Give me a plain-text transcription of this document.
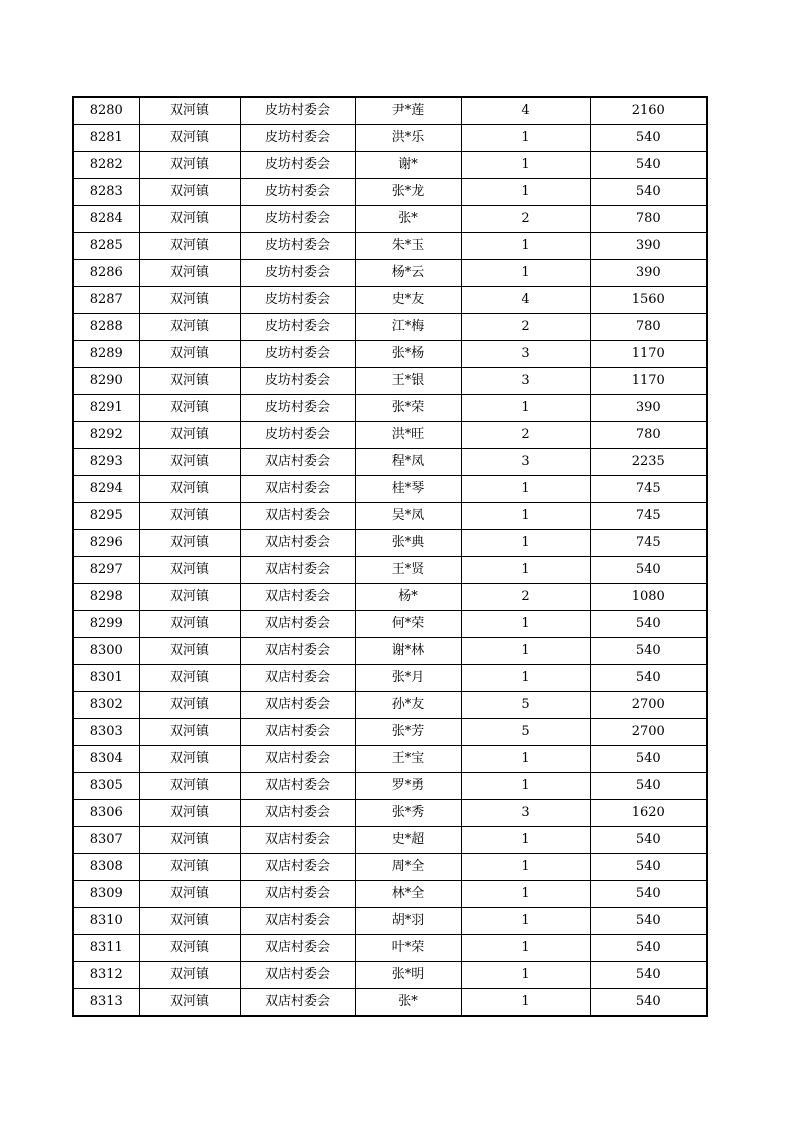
8280	双河镇	皮坊村委会	尹*莲	4	2160
8281	双河镇	皮坊村委会	洪*乐	1	540
8282	双河镇	皮坊村委会	谢*	1	540
8283	双河镇	皮坊村委会	张*龙	1	540
8284	双河镇	皮坊村委会	张*	2	780
8285	双河镇	皮坊村委会	朱*玉	1	390
8286	双河镇	皮坊村委会	杨*云	1	390
8287	双河镇	皮坊村委会	史*友	4	1560
8288	双河镇	皮坊村委会	江*梅	2	780
8289	双河镇	皮坊村委会	张*杨	3	1170
8290	双河镇	皮坊村委会	王*银	3	1170
8291	双河镇	皮坊村委会	张*荣	1	390
8292	双河镇	皮坊村委会	洪*旺	2	780
8293	双河镇	双店村委会	程*凤	3	2235
8294	双河镇	双店村委会	桂*琴	1	745
8295	双河镇	双店村委会	吴*凤	1	745
8296	双河镇	双店村委会	张*典	1	745
8297	双河镇	双店村委会	王*贤	1	540
8298	双河镇	双店村委会	杨*	2	1080
8299	双河镇	双店村委会	何*荣	1	540
8300	双河镇	双店村委会	谢*林	1	540
8301	双河镇	双店村委会	张*月	1	540
8302	双河镇	双店村委会	孙*友	5	2700
8303	双河镇	双店村委会	张*芳	5	2700
8304	双河镇	双店村委会	王*宝	1	540
8305	双河镇	双店村委会	罗*勇	1	540
8306	双河镇	双店村委会	张*秀	3	1620
8307	双河镇	双店村委会	史*超	1	540
8308	双河镇	双店村委会	周*全	1	540
8309	双河镇	双店村委会	林*全	1	540
8310	双河镇	双店村委会	胡*羽	1	540
8311	双河镇	双店村委会	叶*荣	1	540
8312	双河镇	双店村委会	张*明	1	540
8313	双河镇	双店村委会	张*	1	540
